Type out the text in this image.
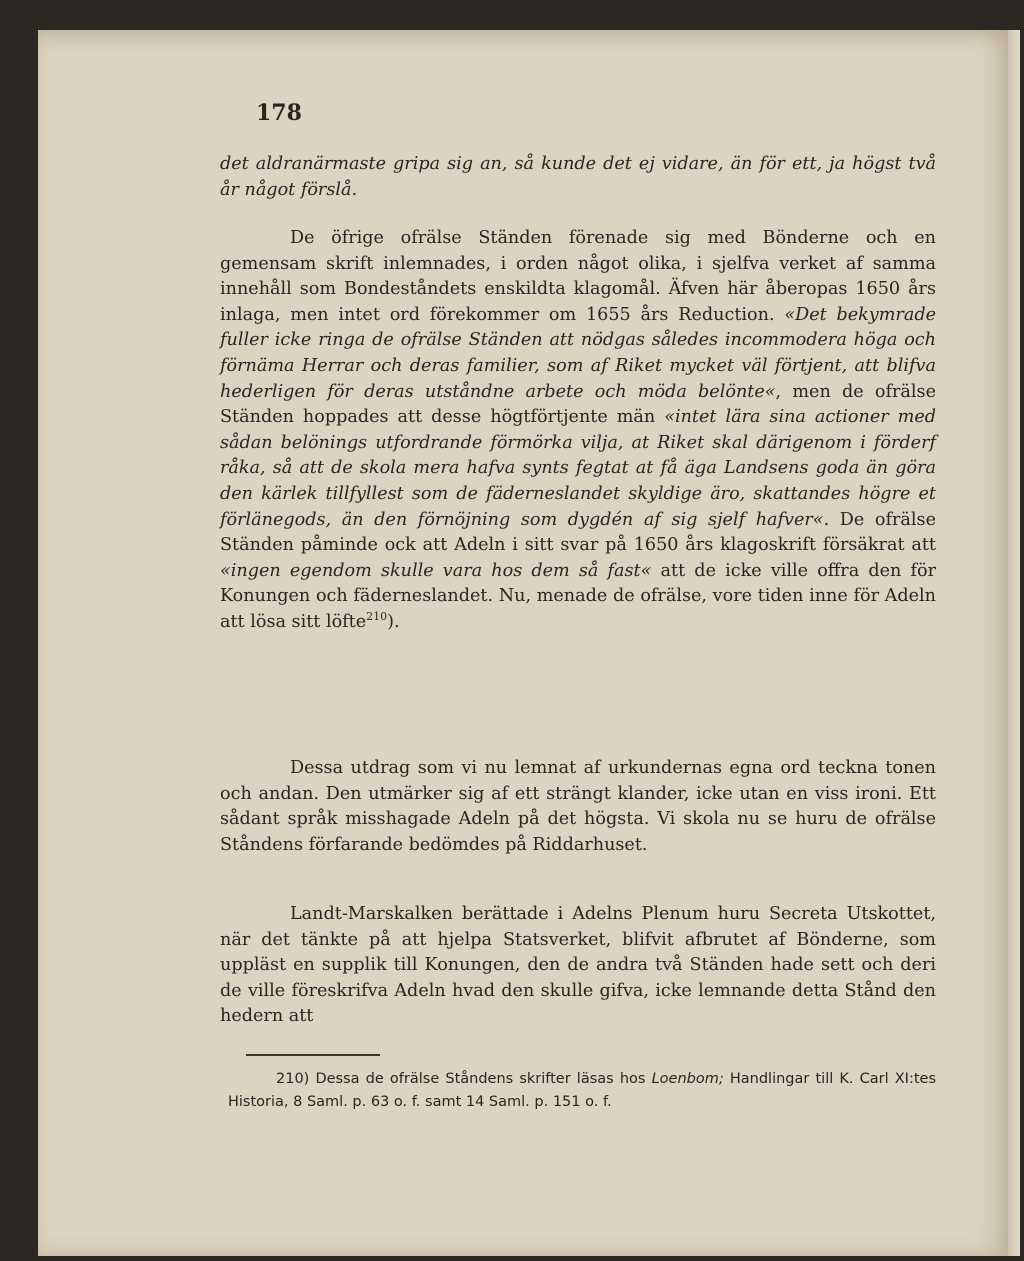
178

det aldranärmaste gripa sig an, så kunde det ej vidare, än för ett, ja högst två år något förslå.

De öfrige ofrälse Ständen förenade sig med Bönderne och en gemensam skrift inlemnades, i orden något olika, i sjelfva verket af samma innehåll som Bondeståndets enskildta klagomål. Äfven här åberopas 1650 års inlaga, men intet ord förekommer om 1655 års Reduction. «Det bekymrade fuller icke ringa de ofrälse Ständen att nödgas således incommodera höga och förnäma Herrar och deras familier, som af Riket mycket väl förtjent, att blifva hederligen för deras utståndne arbete och möda belönte«, men de ofrälse Ständen hoppades att desse högtförtjente män «intet lära sina actioner med sådan belönings utfordrande förmörka vilja, at Riket skal därigenom i förderf råka, så att de skola mera hafva synts fegtat at få äga Landsens goda än göra den kärlek tillfyllest som de fäderneslandet skyldige äro, skattandes högre et förlänegods, än den förnöjning som dygdén af sig sjelf hafver«. De ofrälse Ständen påminde ock att Adeln i sitt svar på 1650 års klagoskrift försäkrat att «ingen egendom skulle vara hos dem så fast« att de icke ville offra den för Konungen och fäderneslandet. Nu, menade de ofrälse, vore tiden inne för Adeln att lösa sitt löfte$^{210}$).

Dessa utdrag som vi nu lemnat af urkundernas egna ord teckna tonen och andan. Den utmärker sig af ett strängt klander, icke utan en viss ironi. Ett sådant språk misshagade Adeln på det högsta. Vi skola nu se huru de ofrälse Ståndens förfarande bedömdes på Riddarhuset.

Landt-Marskalken berättade i Adelns Plenum huru Secreta Utskottet, när det tänkte på att hjelpa Statsverket, blifvit afbrutet af Bönderne, som uppläst en supplik till Konungen, den de andra två Ständen hade sett och deri de ville föreskrifva Adeln hvad den skulle gifva, icke lemnande detta Stånd den hedern att

210) Dessa de ofrälse Ståndens skrifter läsas hos Loenbom; Handlingar till K. Carl XI:tes Historia, 8 Saml. p. 63 o. f. samt 14 Saml. p. 151 o. f.
